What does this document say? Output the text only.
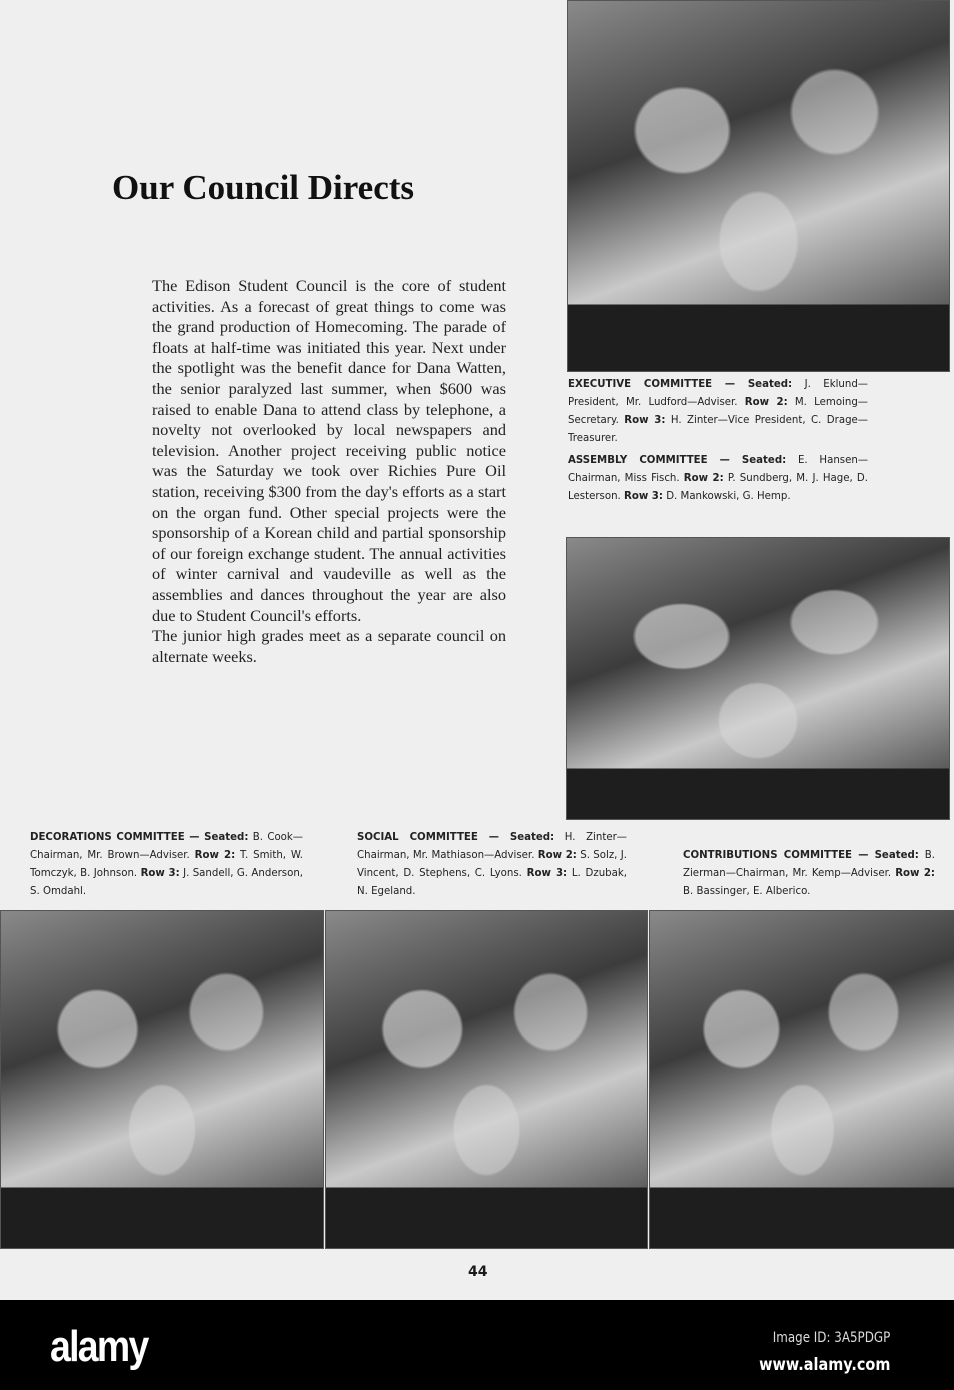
Our Council Directs

The Edison Student Council is the core of student activities. As a forecast of great things to come was the grand production of Homecoming. The parade of floats at half-time was initiated this year. Next under the spotlight was the benefit dance for Dana Watten, the senior paralyzed last summer, when $600 was raised to enable Dana to attend class by telephone, a novelty not overlooked by local newspapers and television. Another project receiving public notice was the Saturday we took over Richies Pure Oil station, receiving $300 from the day's efforts as a start on the organ fund. Other special projects were the sponsorship of a Korean child and partial sponsorship of our foreign exchange student. The annual activities of winter carnival and vaudeville as well as the assemblies and dances throughout the year are also due to Student Council's efforts.

The junior high grades meet as a separate council on alternate weeks.

EXECUTIVE COMMITTEE — Seated: J. Eklund—President, Mr. Ludford—Adviser. Row 2: M. Lemoing—Secretary. Row 3: H. Zinter—Vice President, C. Drage—Treasurer.
ASSEMBLY COMMITTEE — Seated: E. Hansen—Chairman, Miss Fisch. Row 2: P. Sundberg, M. J. Hage, D. Lesterson. Row 3: D. Mankowski, G. Hemp.
DECORATIONS COMMITTEE — Seated: B. Cook—Chairman, Mr. Brown—Adviser. Row 2: T. Smith, W. Tomczyk, B. Johnson. Row 3: J. Sandell, G. Anderson, S. Omdahl.
SOCIAL COMMITTEE — Seated: H. Zinter—Chairman, Mr. Mathiason—Adviser. Row 2: S. Solz, J. Vincent, D. Stephens, C. Lyons. Row 3: L. Dzubak, N. Egeland.
CONTRIBUTIONS COMMITTEE — Seated: B. Zierman—Chairman, Mr. Kemp—Adviser. Row 2: B. Bassinger, E. Alberico.
44
alamy	Image ID: 3A5PDGP
www.alamy.com
